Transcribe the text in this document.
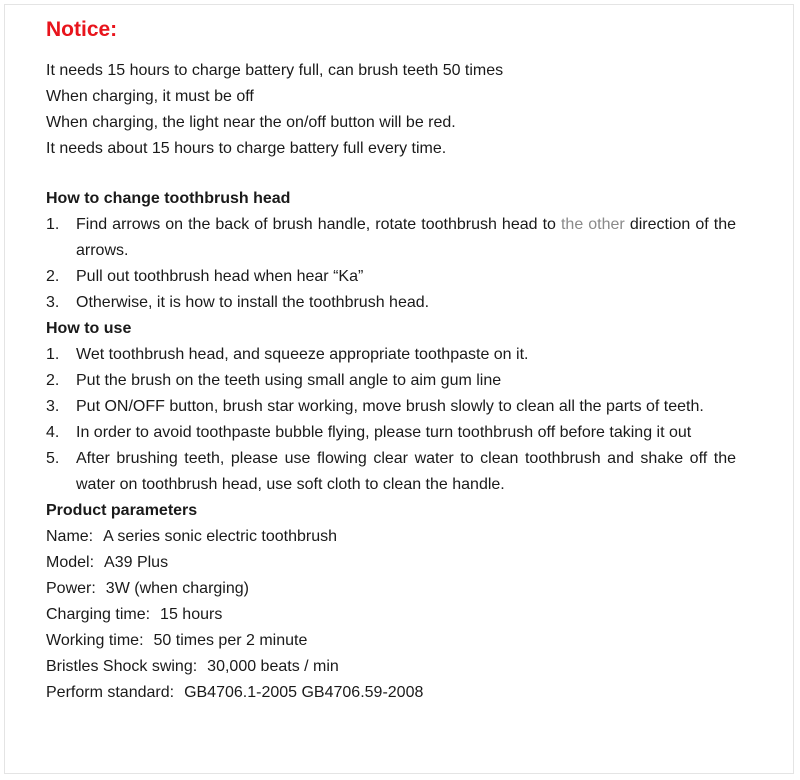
Notice:
It needs 15 hours to charge battery full, can brush teeth 50 times
When charging, it must be off
When charging, the light near the on/off button will be red.
It needs about 15 hours to charge battery full every time.
How to change toothbrush head
1. Find arrows on the back of brush handle, rotate toothbrush head to the other direction of the arrows.
2. Pull out toothbrush head when hear “Ka”
3. Otherwise, it is how to install the toothbrush head.
How to use
1. Wet toothbrush head, and squeeze appropriate toothpaste on it.
2. Put the brush on the teeth using small angle to aim gum line
3. Put ON/OFF button, brush star working, move brush slowly to clean all the parts of teeth.
4. In order to avoid toothpaste bubble flying, please turn toothbrush off before taking it out
5. After brushing teeth, please use flowing clear water to clean toothbrush and shake off the water on toothbrush head, use soft cloth to clean the handle.
Product parameters
Name: A series sonic electric toothbrush
Model: A39 Plus
Power: 3W (when charging)
Charging time: 15 hours
Working time: 50 times per 2 minute
Bristles Shock swing: 30,000 beats / min
Perform standard: GB4706.1-2005 GB4706.59-2008
